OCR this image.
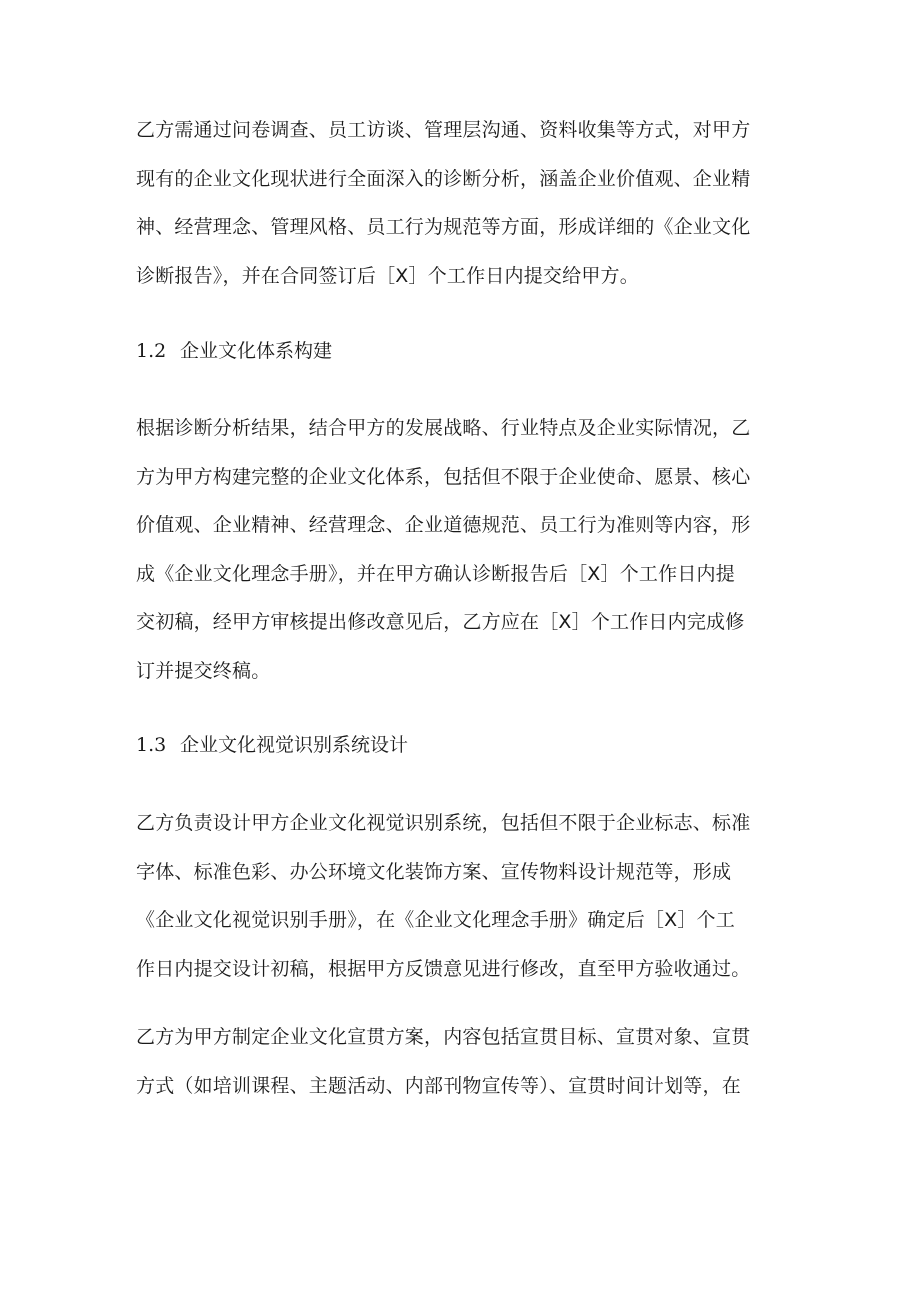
乙方需通过问卷调查、员工访谈、管理层沟通、资料收集等方式，对甲方
现有的企业文化现状进行全面深入的诊断分析，涵盖企业价值观、企业精
神、经营理念、管理风格、员工行为规范等方面，形成详细的《企业文化
诊断报告》，并在合同签订后［X］个工作日内提交给甲方。
1.2 企业文化体系构建
根据诊断分析结果，结合甲方的发展战略、行业特点及企业实际情况，乙
方为甲方构建完整的企业文化体系，包括但不限于企业使命、愿景、核心
价值观、企业精神、经营理念、企业道德规范、员工行为准则等内容，形
成《企业文化理念手册》，并在甲方确认诊断报告后［X］个工作日内提
交初稿，经甲方审核提出修改意见后，乙方应在［X］个工作日内完成修
订并提交终稿。
1.3 企业文化视觉识别系统设计
乙方负责设计甲方企业文化视觉识别系统，包括但不限于企业标志、标准
字体、标准色彩、办公环境文化装饰方案、宣传物料设计规范等，形成
《企业文化视觉识别手册》，在《企业文化理念手册》确定后［X］个工
作日内提交设计初稿，根据甲方反馈意见进行修改，直至甲方验收通过。
乙方为甲方制定企业文化宣贯方案，内容包括宣贯目标、宣贯对象、宣贯
方式（如培训课程、主题活动、内部刊物宣传等）、宣贯时间计划等，在
